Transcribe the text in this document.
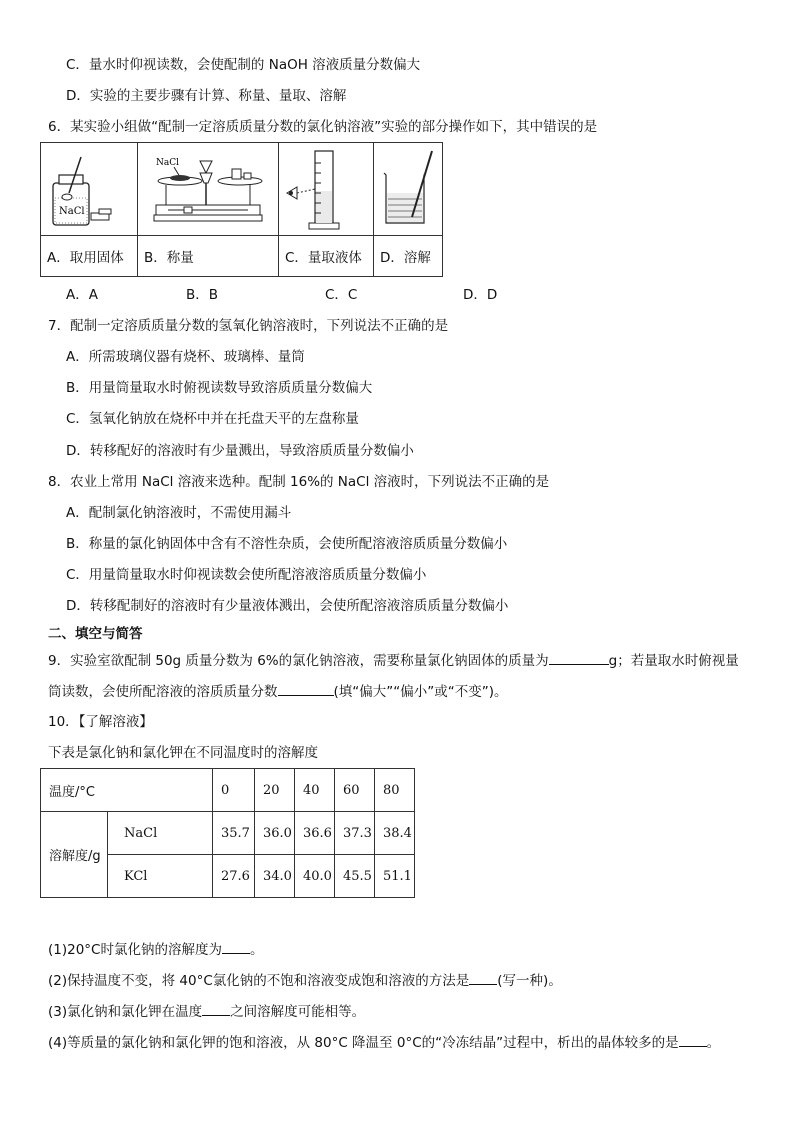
C．量水时仰视读数，会使配制的 NaOH 溶液质量分数偏大
D．实验的主要步骤有计算、称量、量取、溶解
6．某实验小组做“配制一定溶质质量分数的氯化钠溶液”实验的部分操作如下，其中错误的是
NaCl	NaCl

A．取用固体	B．称量	C．量取液体	D．溶解
A．A	B．B	C．C	D．D
7．配制一定溶质质量分数的氢氧化钠溶液时，下列说法不正确的是
A．所需玻璃仪器有烧杯、玻璃棒、量筒
B．用量筒量取水时俯视读数导致溶质质量分数偏大
C．氢氧化钠放在烧杯中并在托盘天平的左盘称量
D．转移配好的溶液时有少量溅出，导致溶质质量分数偏小
8．农业上常用 NaCl 溶液来选种。配制 16%的 NaCl 溶液时，下列说法不正确的是
A．配制氯化钠溶液时，不需使用漏斗
B．称量的氯化钠固体中含有不溶性杂质，会使所配溶液溶质质量分数偏小
C．用量筒量取水时仰视读数会使所配溶液溶质质量分数偏小
D．转移配制好的溶液时有少量液体溅出，会使所配溶液溶质质量分数偏小
二、填空与简答
9．实验室欲配制 50g 质量分数为 6%的氯化钠溶液，需要称量氯化钠固体的质量为	g；若量取水时俯视量
筒读数，会使所配溶液的溶质质量分数	(填“偏大”“偏小”或“不变”)。
10．【了解溶液】
下表是氯化钠和氯化钾在不同温度时的溶解度
温度/°C		0	20	40	60	80
溶解度/g	NaCl	35.7	36.0	36.6	37.3	38.4
	KCl	27.6	34.0	40.0	45.5	51.1
(1)20°C时氯化钠的溶解度为 。
(2)保持温度不变，将 40°C氯化钠的不饱和溶液变成饱和溶液的方法是 (写一种)。
(3)氯化钠和氯化钾在温度 之间溶解度可能相等。
(4)等质量的氯化钠和氯化钾的饱和溶液，从 80°C 降温至 0°C的“冷冻结晶”过程中，析出的晶体较多的是 。
